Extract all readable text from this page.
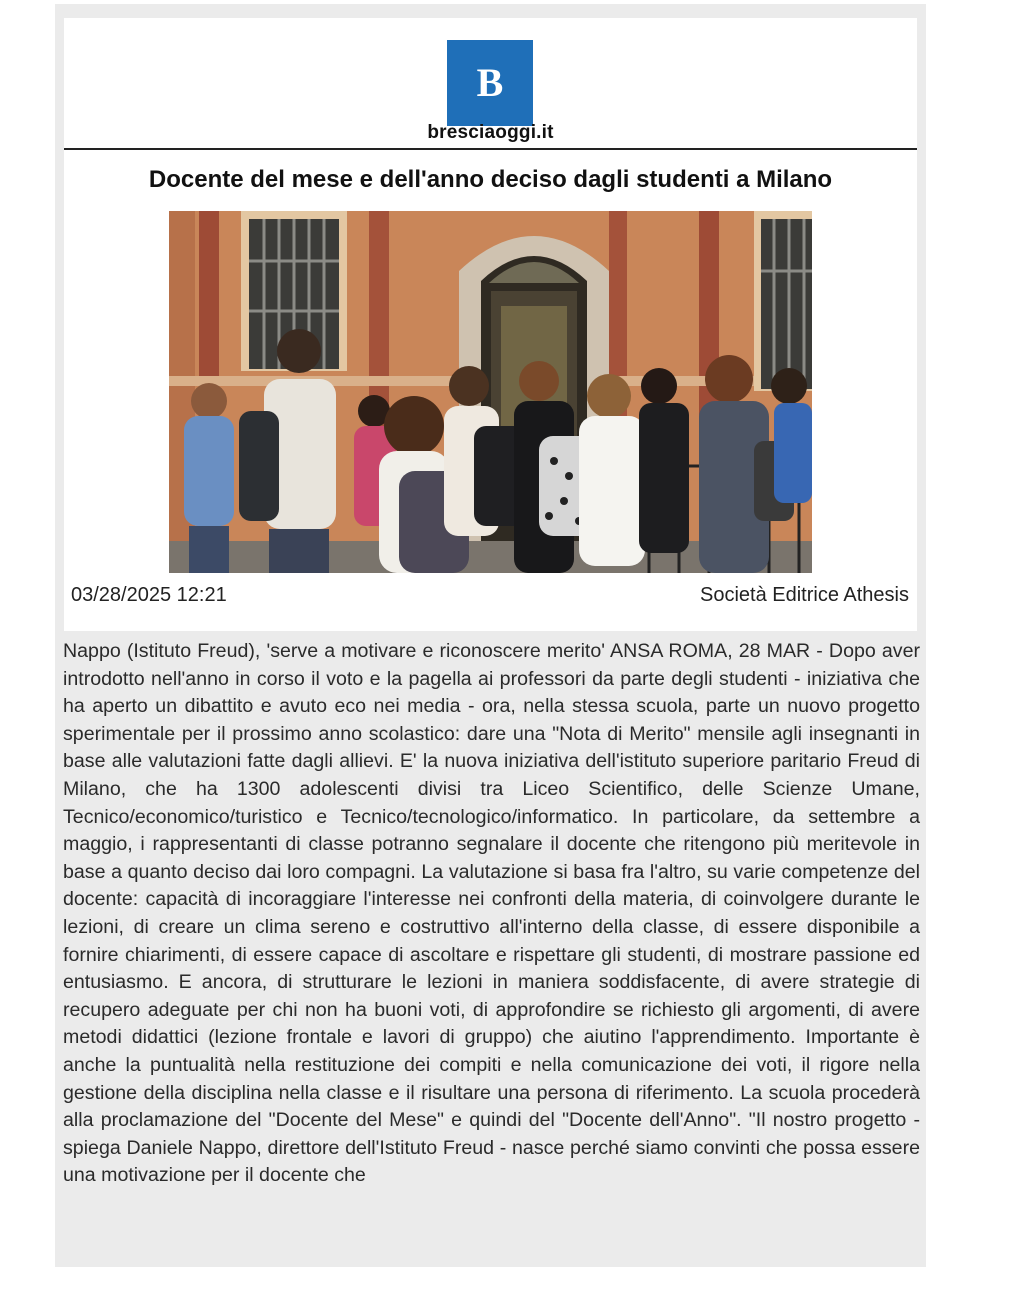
B
bresciaoggi.it
Docente del mese e dell'anno deciso dagli studenti a Milano
03/28/2025 12:21	Società Editrice Athesis
Nappo (Istituto Freud), 'serve a motivare e riconoscere merito' ANSA ROMA, 28 MAR - Dopo aver introdotto nell'anno in corso il voto e la pagella ai professori da parte degli studenti - iniziativa che ha aperto un dibattito e avuto eco nei media - ora, nella stessa scuola, parte un nuovo progetto sperimentale per il prossimo anno scolastico: dare una "Nota di Merito" mensile agli insegnanti in base alle valutazioni fatte dagli allievi. E' la nuova iniziativa dell'istituto superiore paritario Freud di Milano, che ha 1300 adolescenti divisi tra Liceo Scientifico, delle Scienze Umane, Tecnico/economico/turistico e Tecnico/tecnologico/informatico. In particolare, da settembre a maggio, i rappresentanti di classe potranno segnalare il docente che ritengono più meritevole in base a quanto deciso dai loro compagni. La valutazione si basa fra l'altro, su varie competenze del docente: capacità di incoraggiare l'interesse nei confronti della materia, di coinvolgere durante le lezioni, di creare un clima sereno e costruttivo all'interno della classe, di essere disponibile a fornire chiarimenti, di essere capace di ascoltare e rispettare gli studenti, di mostrare passione ed entusiasmo. E ancora, di strutturare le lezioni in maniera soddisfacente, di avere strategie di recupero adeguate per chi non ha buoni voti, di approfondire se richiesto gli argomenti, di avere metodi didattici (lezione frontale e lavori di gruppo) che aiutino l'apprendimento. Importante è anche la puntualità nella restituzione dei compiti e nella comunicazione dei voti, il rigore nella gestione della disciplina nella classe e il risultare una persona di riferimento. La scuola procederà alla proclamazione del "Docente del Mese" e quindi del "Docente dell'Anno". "Il nostro progetto - spiega Daniele Nappo, direttore dell'Istituto Freud - nasce perché siamo convinti che possa essere una motivazione per il docente che
